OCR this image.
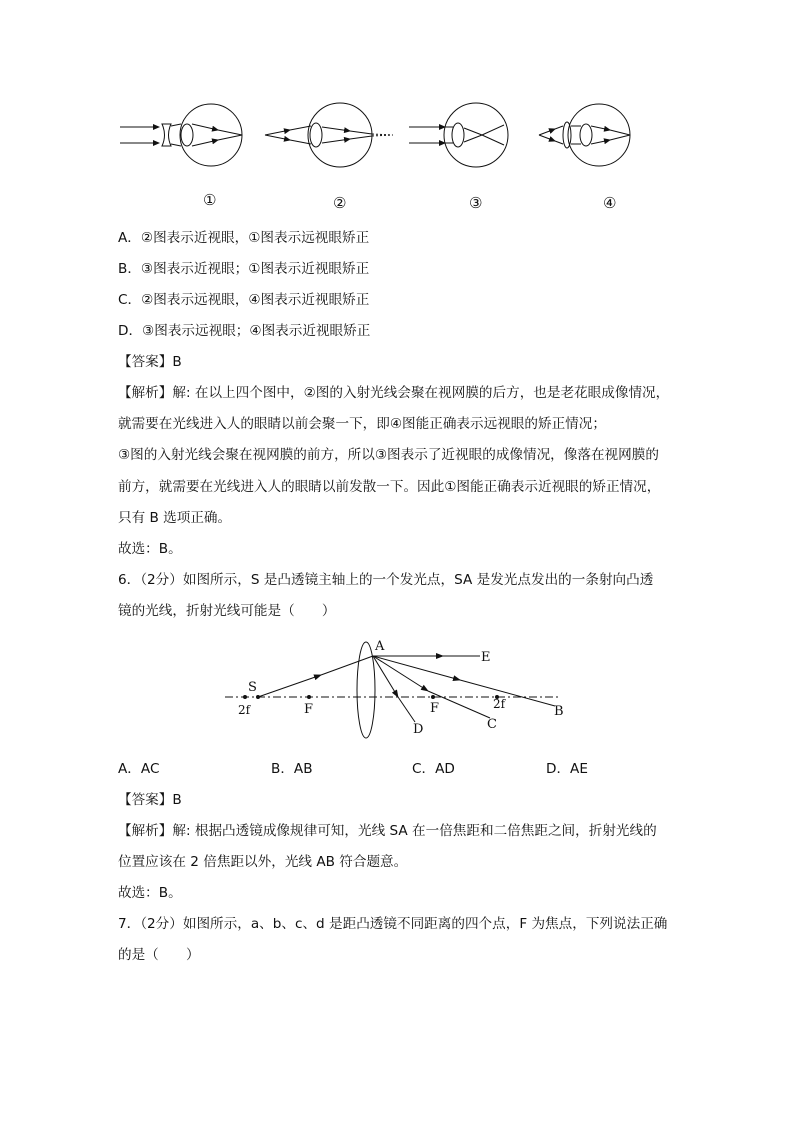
①	②	③	④
A．②图表示近视眼，①图表示远视眼矫正
B．③图表示近视眼；①图表示近视眼矫正
C．②图表示远视眼，④图表示近视眼矫正
D．③图表示远视眼；④图表示近视眼矫正
【答案】B
【解析】解: 在以上四个图中，②图的入射光线会聚在视网膜的后方，也是老花眼成像情况，
就需要在光线进入人的眼睛以前会聚一下，即④图能正确表示远视眼的矫正情况；
③图的入射光线会聚在视网膜的前方，所以③图表示了近视眼的成像情况，像落在视网膜的
前方，就需要在光线进入人的眼睛以前发散一下。因此①图能正确表示近视眼的矫正情况，
只有 B 选项正确。
故选：B。
6．（2分）如图所示，S 是凸透镜主轴上的一个发光点，SA 是发光点发出的一条射向凸透
镜的光线，折射光线可能是（　　）
A
E
S
B
C
D
F	F
2f	2f
A．AC	B．AB	C．AD	D．AE
【答案】B
【解析】解: 根据凸透镜成像规律可知，光线 SA 在一倍焦距和二倍焦距之间，折射光线的
位置应该在 2 倍焦距以外，光线 AB 符合题意。
故选：B。
7．（2分）如图所示，a、b、c、d 是距凸透镜不同距离的四个点，F 为焦点，下列说法正确
的是（　　）
